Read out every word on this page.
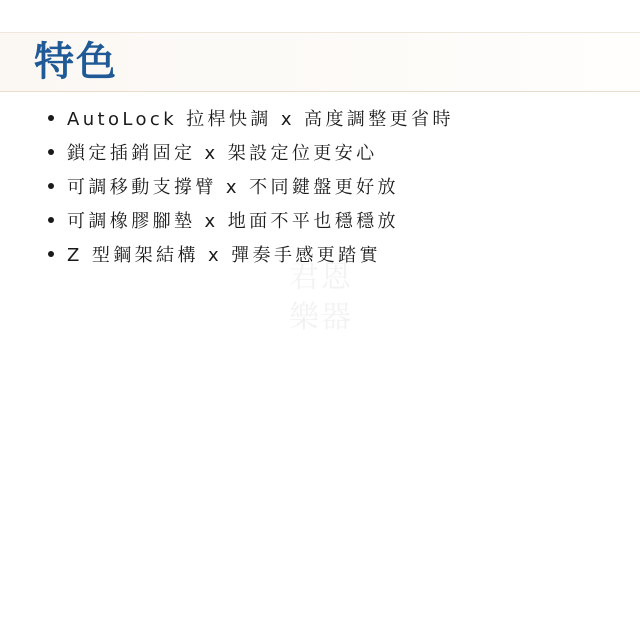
特色
AutoLock 拉桿快調 x 高度調整更省時
鎖定插銷固定 x 架設定位更安心
可調移動支撐臂 x 不同鍵盤更好放
可調橡膠腳墊 x 地面不平也穩穩放
Z 型鋼架結構 x 彈奏手感更踏實
君恩
樂器
